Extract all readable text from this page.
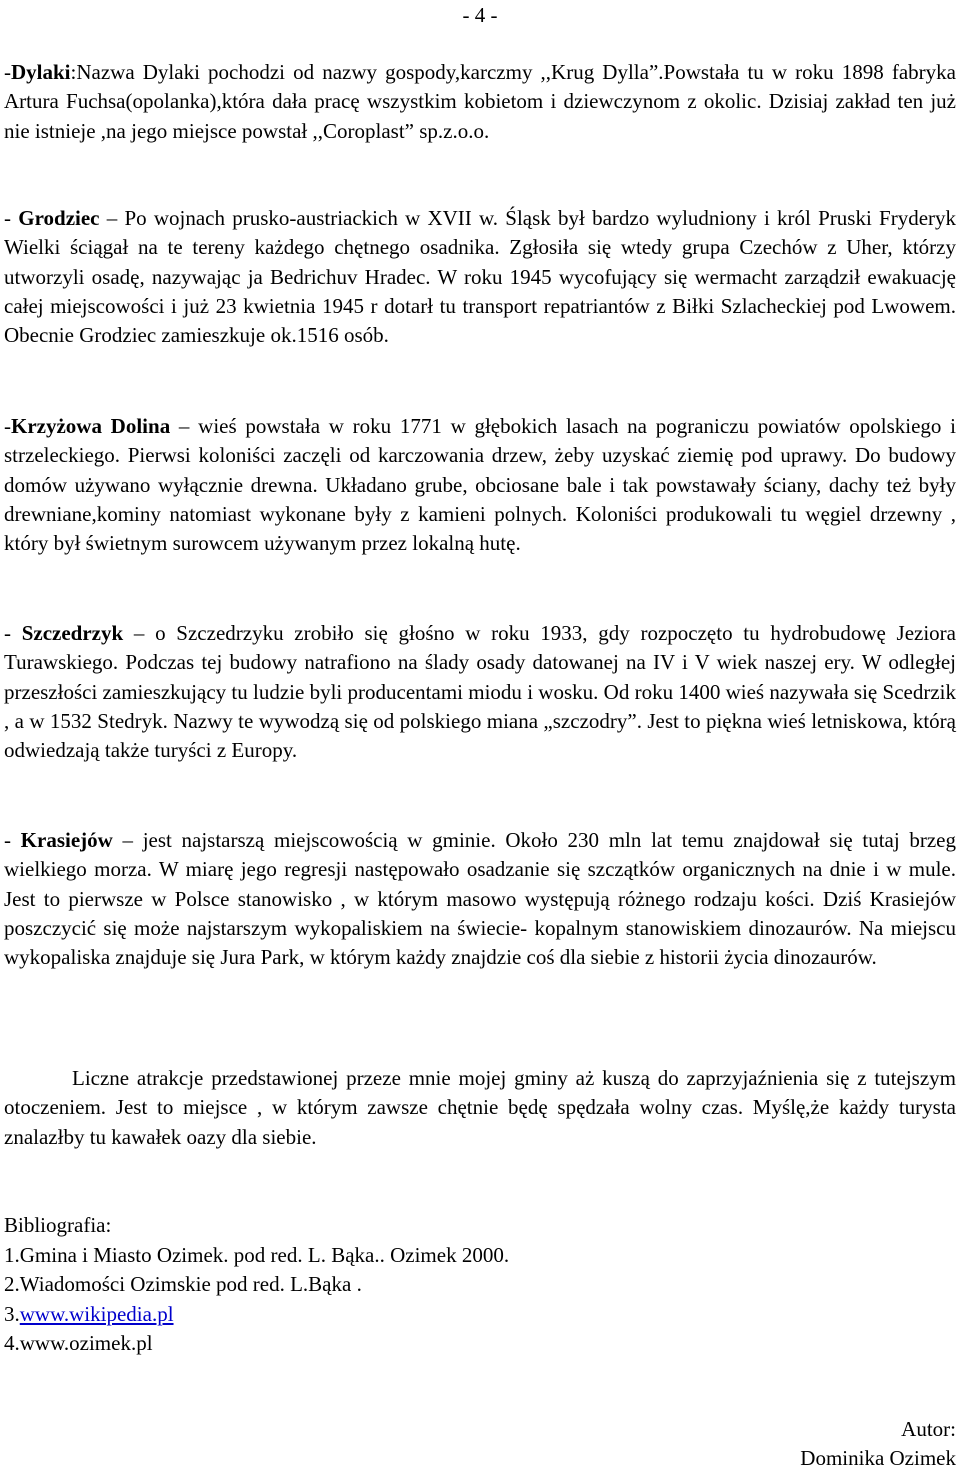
- 4 -

-Dylaki:Nazwa Dylaki pochodzi od nazwy gospody,karczmy ,,Krug Dylla”.Powstała tu w roku 1898 fabryka Artura Fuchsa(opolanka),która dała pracę wszystkim kobietom i dziewczynom z okolic. Dzisiaj zakład ten już nie istnieje ,na jego miejsce powstał ,,Coroplast” sp.z.o.o.

- Grodziec – Po wojnach prusko-austriackich w XVII w. Śląsk był bardzo wyludniony i król Pruski Fryderyk Wielki ściągał na te tereny każdego chętnego osadnika. Zgłosiła się wtedy grupa Czechów z Uher, którzy utworzyli osadę, nazywając ja Bedrichuv Hradec. W roku 1945 wycofujący się wermacht zarządził ewakuację całej miejscowości i już 23 kwietnia 1945 r dotarł tu transport repatriantów z Biłki Szlacheckiej pod Lwowem. Obecnie Grodziec zamieszkuje ok.1516 osób.

-Krzyżowa Dolina – wieś powstała w roku 1771 w głębokich lasach na pograniczu powiatów opolskiego i strzeleckiego. Pierwsi koloniści zaczęli od karczowania drzew, żeby uzyskać ziemię pod uprawy. Do budowy domów używano wyłącznie drewna. Układano grube, obciosane bale i tak powstawały ściany, dachy też były drewniane,kominy natomiast wykonane były z kamieni polnych. Koloniści produkowali tu węgiel drzewny , który był świetnym surowcem używanym przez lokalną hutę.

- Szczedrzyk – o Szczedrzyku zrobiło się głośno w roku 1933, gdy rozpoczęto tu hydrobudowę Jeziora Turawskiego. Podczas tej budowy natrafiono na ślady osady datowanej na IV i V wiek naszej ery. W odległej przeszłości zamieszkujący tu ludzie byli producentami miodu i wosku. Od roku 1400 wieś nazywała się Scedrzik , a w 1532 Stedryk. Nazwy te wywodzą się od polskiego miana „szczodry”. Jest to piękna wieś letniskowa, którą odwiedzają także turyści z Europy.

- Krasiejów – jest najstarszą miejscowością w gminie. Około 230 mln lat temu znajdował się tutaj brzeg wielkiego morza. W miarę jego regresji następowało osadzanie się szczątków organicznych na dnie i w mule. Jest to pierwsze w Polsce stanowisko , w którym masowo występują różnego rodzaju kości. Dziś Krasiejów poszczycić się może najstarszym wykopaliskiem na świecie- kopalnym stanowiskiem dinozaurów. Na miejscu wykopaliska znajduje się Jura Park, w którym każdy znajdzie coś dla siebie z historii życia dinozaurów.

Liczne atrakcje przedstawionej przeze mnie mojej gminy aż kuszą do zaprzyjaźnienia się z tutejszym otoczeniem. Jest to miejsce , w którym zawsze chętnie będę spędzała wolny czas. Myślę,że każdy turysta znalazłby tu kawałek oazy dla siebie.

Bibliografia:
1.Gmina i Miasto Ozimek. pod red. L. Bąka.. Ozimek 2000.
2.Wiadomości Ozimskie pod red. L.Bąka .
3.www.wikipedia.pl
4.www.ozimek.pl
Autor:
Dominika Ozimek
